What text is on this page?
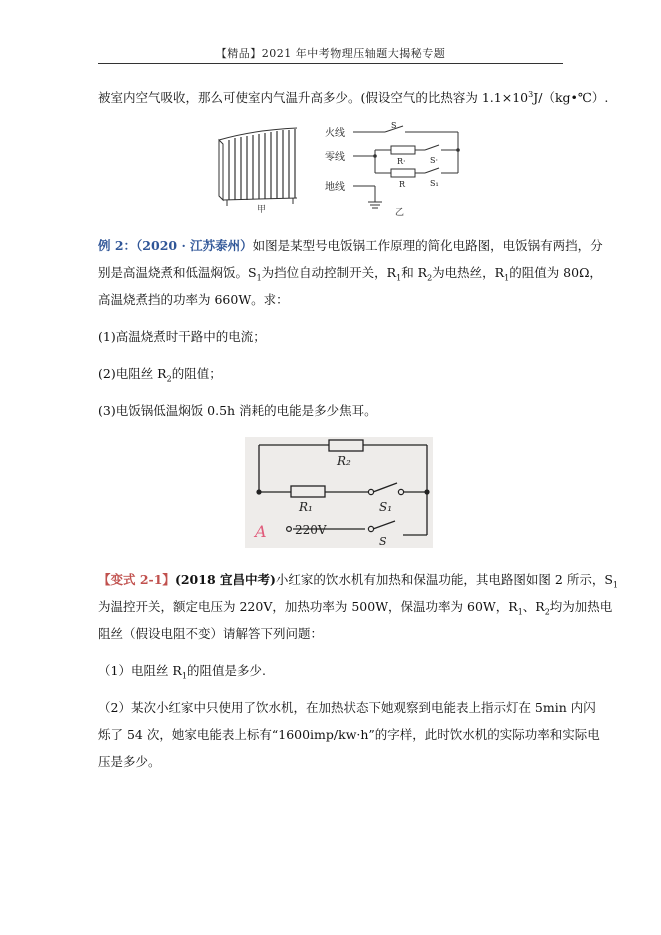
【精品】2021 年中考物理压轴题大揭秘专题
被室内空气吸收，那么可使室内气温升高多少。(假设空气的比热容为 $1.1\times 10^3J/(kg•℃)$.
甲
火线
零线
地线
S
R·
R
S·
S₁
乙
例 2：（2020 · 江苏泰州）如图是某型号电饭锅工作原理的简化电路图，电饭锅有两挡，分
别是高温烧煮和低温焖饭。$S_1$为挡位自动控制开关，$R_1$和 $R_2$为电热丝，$R_1$的阻值为 80Ω，
高温烧煮挡的功率为 660W。求：
(1)高温烧煮时干路中的电流；
(2)电阻丝 $R_2$的阻值；
(3)电饭锅低温焖饭 0.5h 消耗的电能是多少焦耳。
R₂
R₁	S₁
S
220V
A
【变式 2-1】(2018 宜昌中考)小红家的饮水机有加热和保温功能，其电路图如图 2 所示，$S_1$
为温控开关，额定电压为 220V，加热功率为 500W，保温功率为 60W，$R_1$、$R_2$均为加热电
阻丝（假设电阻不变）请解答下列问题：
（1）电阻丝 $R_1$的阻值是多少.
（2）某次小红家中只使用了饮水机，在加热状态下她观察到电能表上指示灯在 5min 内闪
烁了 54 次，她家电能表上标有“1600imp/kw·h”的字样，此时饮水机的实际功率和实际电
压是多少。
